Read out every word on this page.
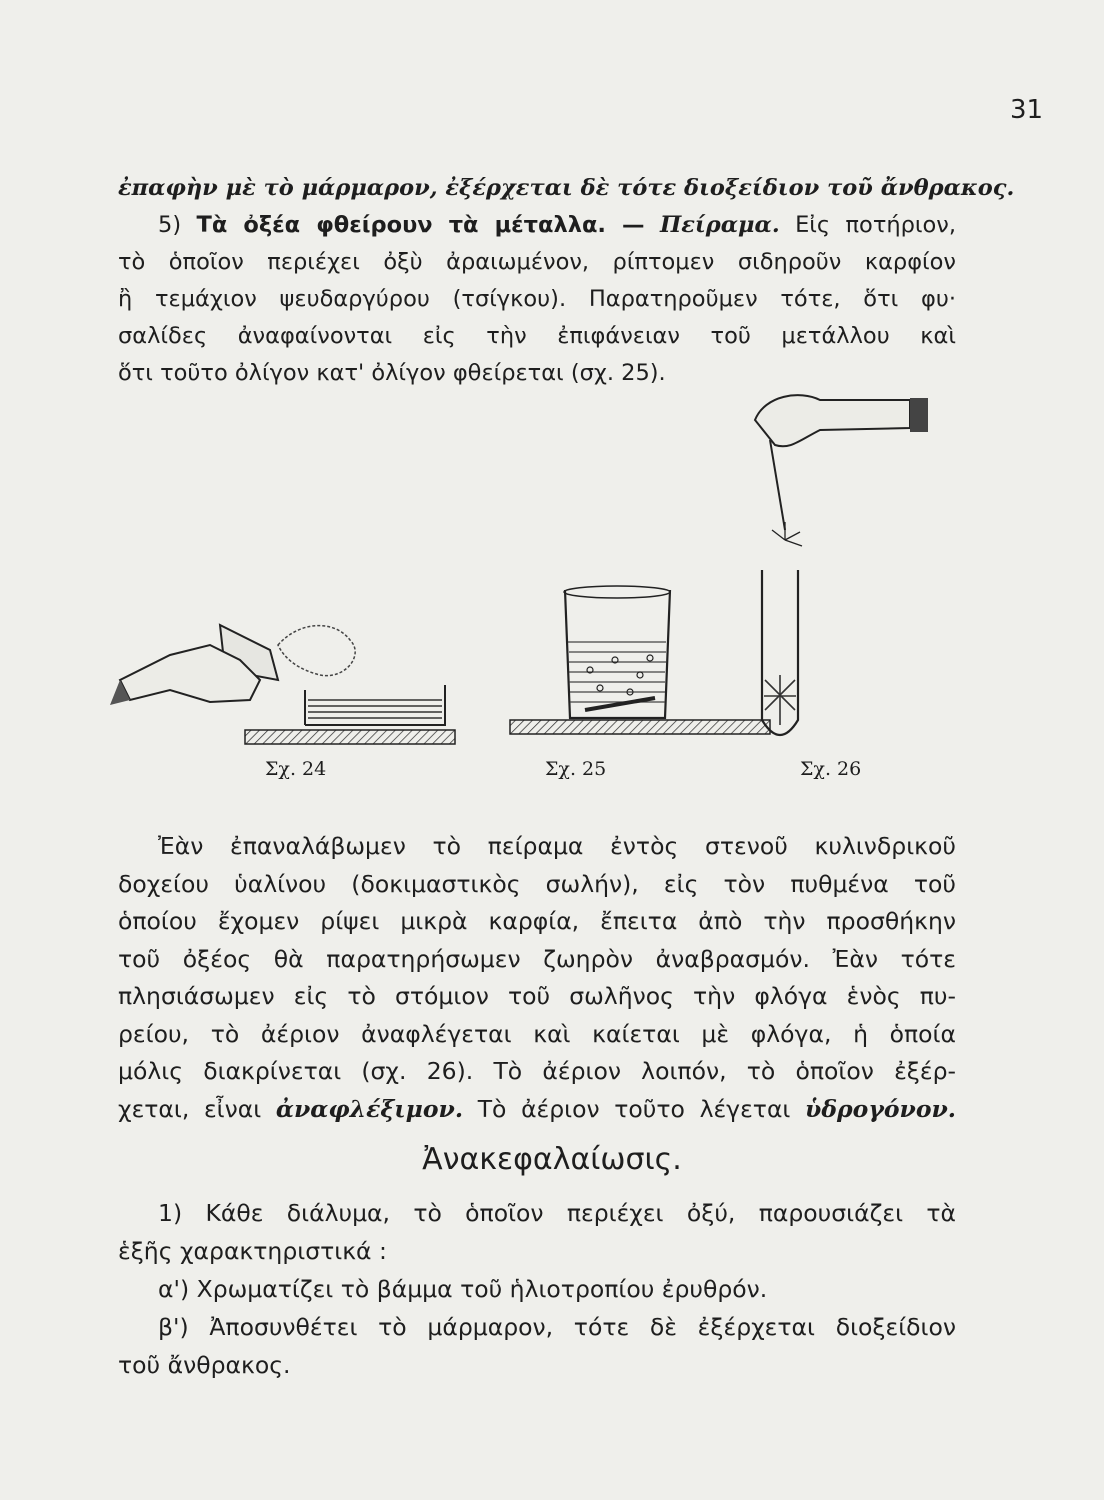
31
ἐπαφὴν μὲ τὸ μάρμαρον, ἐξέρχεται δὲ τότε διοξείδιον τοῦ ἄνθρακος.
5) Τὰ ὀξέα φθείρουν τὰ μέταλλα. — Πείραμα. Εἰς ποτήριον,
τὸ ὁποῖον περιέχει ὀξὺ ἀραιωμένον, ρίπτομεν σιδηροῦν καρφίον
ἢ τεμάχιον ψευδαργύρου (τσίγκου). Παρατηροῦμεν τότε, ὅτι φυ·
σαλίδες ἀναφαίνονται εἰς τὴν ἐπιφάνειαν τοῦ μετάλλου καὶ
ὅτι τοῦτο ὀλίγον κατ' ὀλίγον φθείρεται (σχ. 25).
Σχ. 24	Σχ. 25	Σχ. 26
Ἐὰν ἐπαναλάβωμεν τὸ πείραμα ἐντὸς στενοῦ κυλινδρικοῦ
δοχείου ὑαλίνου (δοκιμαστικὸς σωλήν), εἰς τὸν πυθμένα τοῦ
ὁποίου ἔχομεν ρίψει μικρὰ καρφία, ἔπειτα ἀπὸ τὴν προσθήκην
τοῦ ὀξέος θὰ παρατηρήσωμεν ζωηρὸν ἀναβρασμόν. Ἐὰν τότε
πλησιάσωμεν εἰς τὸ στόμιον τοῦ σωλῆνος τὴν φλόγα ἑνὸς πυ-
ρείου, τὸ ἀέριον ἀναφλέγεται καὶ καίεται μὲ φλόγα, ἡ ὁποία
μόλις διακρίνεται (σχ. 26). Τὸ ἀέριον λοιπόν, τὸ ὁποῖον ἐξέρ-
χεται, εἶναι ἀναφλέξιμον. Τὸ ἀέριον τοῦτο λέγεται ὑδρογόνον.
Ἀνακεφαλαίωσις.
1) Κάθε διάλυμα, τὸ ὁποῖον περιέχει ὀξύ, παρουσιάζει τὰ
ἑξῆς χαρακτηριστικά :
α') Χρωματίζει τὸ βάμμα τοῦ ἡλιοτροπίου ἐρυθρόν.
β') Ἀποσυνθέτει τὸ μάρμαρον, τότε δὲ ἐξέρχεται διοξείδιον
τοῦ ἄνθρακος.
